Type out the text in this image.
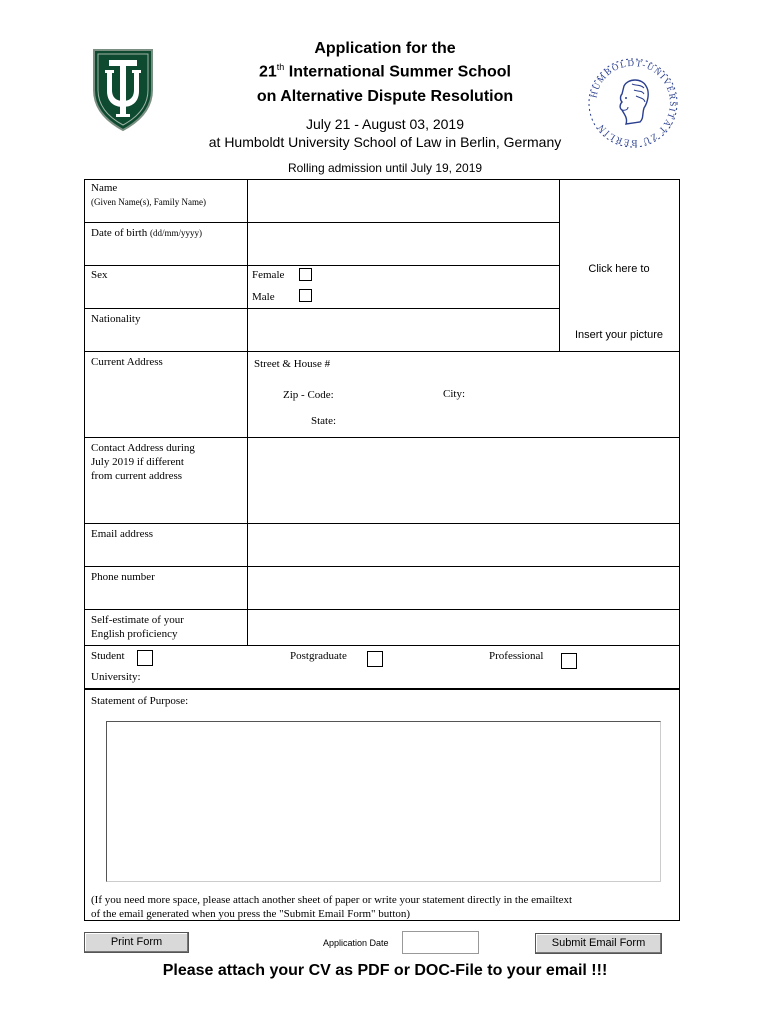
HUMBOLDT-UNIVERSITÄT ZU BERLIN
Application for the
21th International Summer School
on Alternative Dispute Resolution
July 21 - August 03, 2019
at Humboldt University School of Law in Berlin, Germany
Rolling admission until July 19, 2019
Name
(Given Name(s), Family Name)
Date of birth (dd/mm/yyyy)
Sex	Female
Male
Nationality
Click here to
Insert your picture
Current Address	Street & House #
Zip - Code:	City:
State:
Contact Address during
July 2019 if different
from current address
Email address
Phone number
Self-estimate of your
English proficiency
Student	Postgraduate	Professional
University:
Statement of Purpose:
(If you need more space, please attach another sheet of paper or write your statement directly in the emailtext
of the email generated when you press the "Submit Email Form" button)
Print Form	Application Date	Submit Email Form
Please attach your CV as PDF or DOC-File to your email !!!
